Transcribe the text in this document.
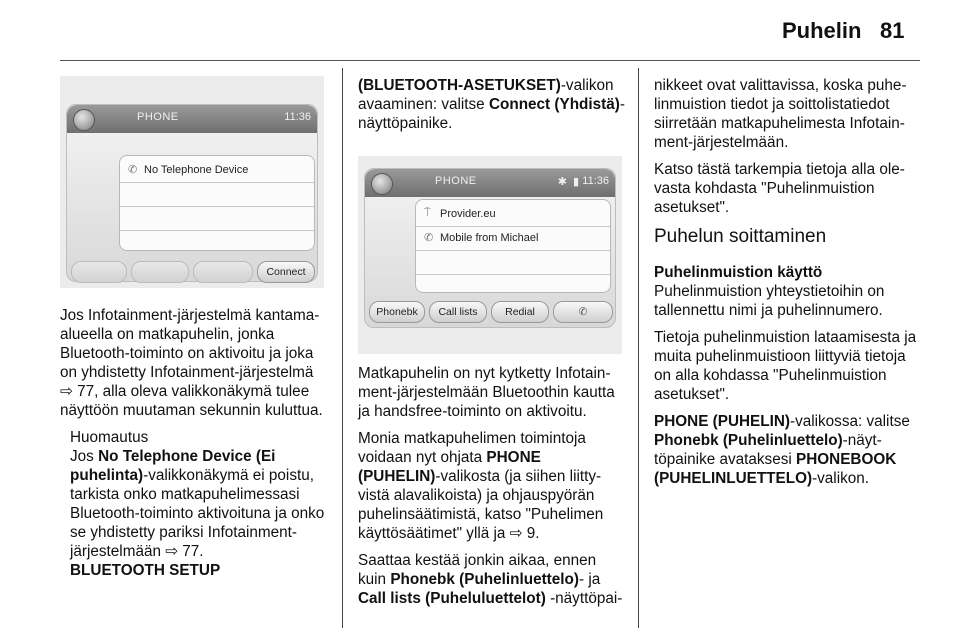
Puhelin 81
PHONE	11:36
✆ No Telephone Device
Connect
PHONE	✱ ▮ 11:36
⍑ Provider.eu
✆ Mobile from Michael
Phonebk	Call lists	Redial	✆

Jos Infotainment-järjestelmä kantama-alueella on matkapuhelin, jonka Bluetooth-toiminto on aktivoitu ja joka on yhdistetty Infotainment-järjestelmä ⇨ 77, alla oleva valikkonäkymä tulee näyttöön muutaman sekunnin kuluttua.

Huomautus
Jos No Telephone Device (Ei puhelinta)-valikkonäkymä ei poistu, tarkista onko matkapuhelimessasi Bluetooth-toiminto aktivoituna ja onko se yhdistetty pariksi Infotainment-järjestelmään ⇨ 77.
BLUETOOTH SETUP

(BLUETOOTH-ASETUKSET)-valikon avaaminen: valitse Connect (Yhdistä)-näyttöpainike.

Matkapuhelin on nyt kytketty Infotainment-järjestelmään Bluetoothin kautta ja handsfree-toiminto on aktivoitu.

Monia matkapuhelimen toimintoja voidaan nyt ohjata PHONE (PUHELIN)-valikosta (ja siihen liittyvistä alavalikoista) ja ohjauspyörän puhelinsäätimistä, katso "Puhelimen käyttösäätimet" yllä ja ⇨ 9.

Saattaa kestää jonkin aikaa, ennen kuin Phonebk (Puhelinluettelo)- ja Call lists (Puheluluettelot) -näyttöpai-

nikkeet ovat valittavissa, koska puhelinmuistion tiedot ja soittolistatiedot siirretään matkapuhelimesta Infotainment-järjestelmään.

Katso tästä tarkempia tietoja alla olevasta kohdasta "Puhelinmuistion asetukset".

Puhelun soittaminen
Puhelinmuistion käyttö

Puhelinmuistion yhteystietoihin on tallennettu nimi ja puhelinnumero.

Tietoja puhelinmuistion lataamisesta ja muita puhelinmuistioon liittyviä tietoja on alla kohdassa "Puhelinmuistion asetukset".

PHONE (PUHELIN)-valikossa: valitse Phonebk (Puhelinluettelo)-näyttöpainike avataksesi PHONEBOOK (PUHELINLUETTELO)-valikon.
